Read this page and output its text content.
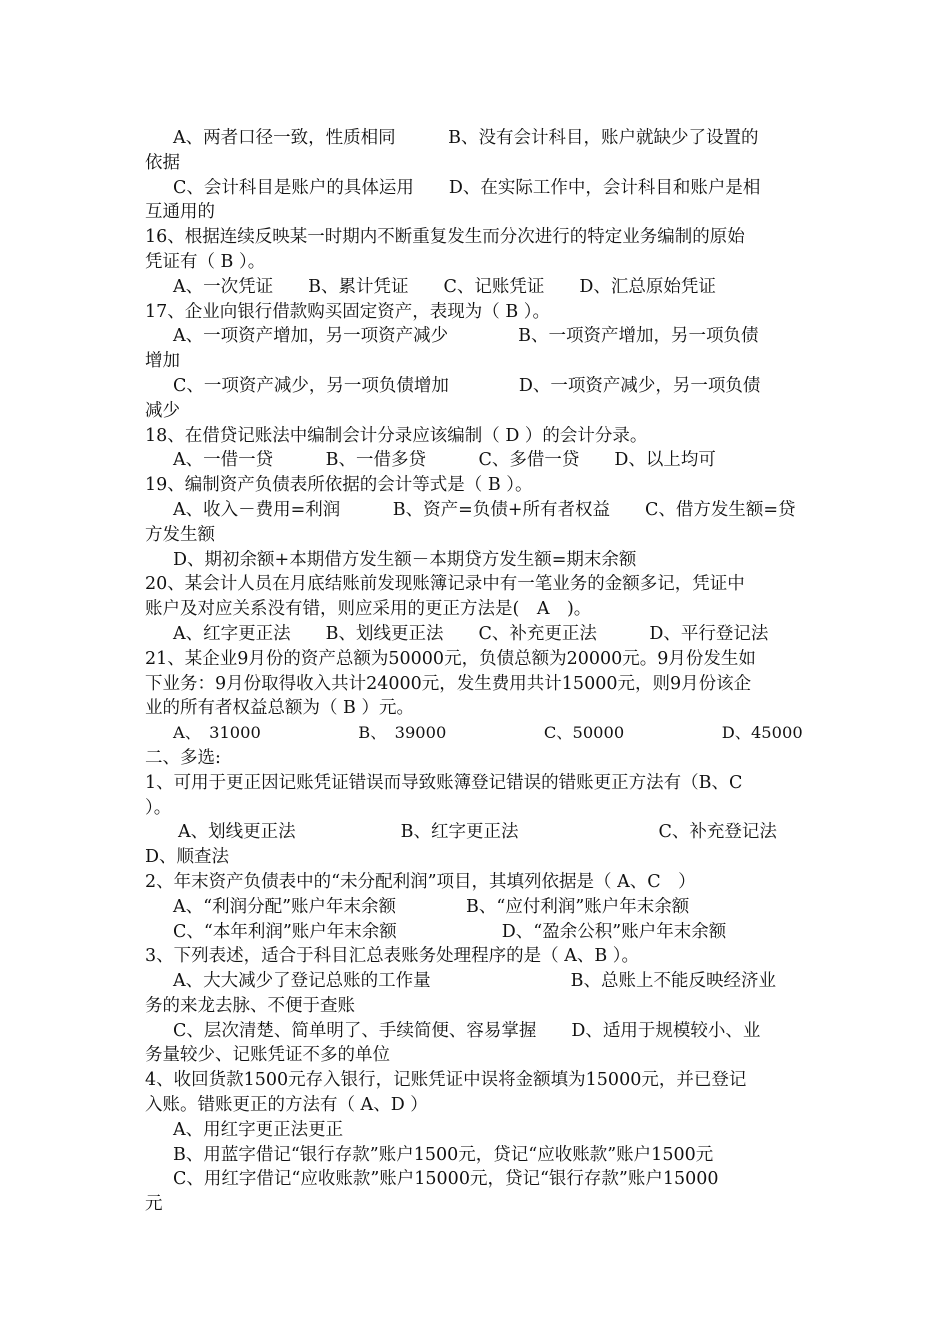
A、两者口径一致，性质相同　　　B、没有会计科目，账户就缺少了设置的
依据
C、会计科目是账户的具体运用　　D、在实际工作中，会计科目和账户是相
互通用的
16、根据连续反映某一时期内不断重复发生而分次进行的特定业务编制的原始
凭证有（ B ）。
A、一次凭证　　B、累计凭证　　C、记账凭证　　D、汇总原始凭证
17、企业向银行借款购买固定资产，表现为（ B ）。
A、一项资产增加，另一项资产减少　　　　B、一项资产增加，另一项负债
增加
C、一项资产减少，另一项负债增加　　　　D、一项资产减少，另一项负债
减少
18、在借贷记账法中编制会计分录应该编制（ D ）的会计分录。
A、一借一贷　　　B、一借多贷　　　C、多借一贷　　D、以上均可
19、编制资产负债表所依据的会计等式是（ B ）。
A、收入－费用=利润　　　B、资产=负债+所有者权益　　C、借方发生额=贷
方发生额
D、期初余额+本期借方发生额－本期贷方发生额=期末余额
20、某会计人员在月底结账前发现账簿记录中有一笔业务的金额多记，凭证中
账户及对应关系没有错，则应采用的更正方法是(　A　)。
A、红字更正法　　B、划线更正法　　C、补充更正法　　　D、平行登记法
21、某企业9月份的资产总额为50000元，负债总额为20000元。9月份发生如
下业务：9月份取得收入共计24000元，发生费用共计15000元，则9月份该企
业的所有者权益总额为（ B ）元。
A、　31000　　　　　　B、　39000　　　　　　C、50000　　　　　　D、45000
二、多选:
1、可用于更正因记账凭证错误而导致账簿登记错误的错账更正方法有（B、C
）。
A、划线更正法　　　　　　B、红字更正法　　　　　　　　C、补充登记法
D、顺查法
2、年末资产负债表中的“未分配利润”项目，其填列依据是（ A、C　）
A、“利润分配”账户年末余额　　　　B、“应付利润”账户年末余额
C、“本年利润”账户年末余额　　　　　　D、“盈余公积”账户年末余额
3、下列表述，适合于科目汇总表账务处理程序的是（ A、B ）。
A、大大减少了登记总账的工作量　　　　　　　　B、总账上不能反映经济业
务的来龙去脉、不便于查账
C、层次清楚、简单明了、手续简便、容易掌握　　D、适用于规模较小、业
务量较少、记账凭证不多的单位
4、收回货款1500元存入银行，记账凭证中误将金额填为15000元，并已登记
入账。错账更正的方法有（ A、D ）
A、用红字更正法更正
B、用蓝字借记“银行存款”账户1500元，贷记“应收账款”账户1500元
C、用红字借记“应收账款”账户15000元，贷记“银行存款”账户15000
元
